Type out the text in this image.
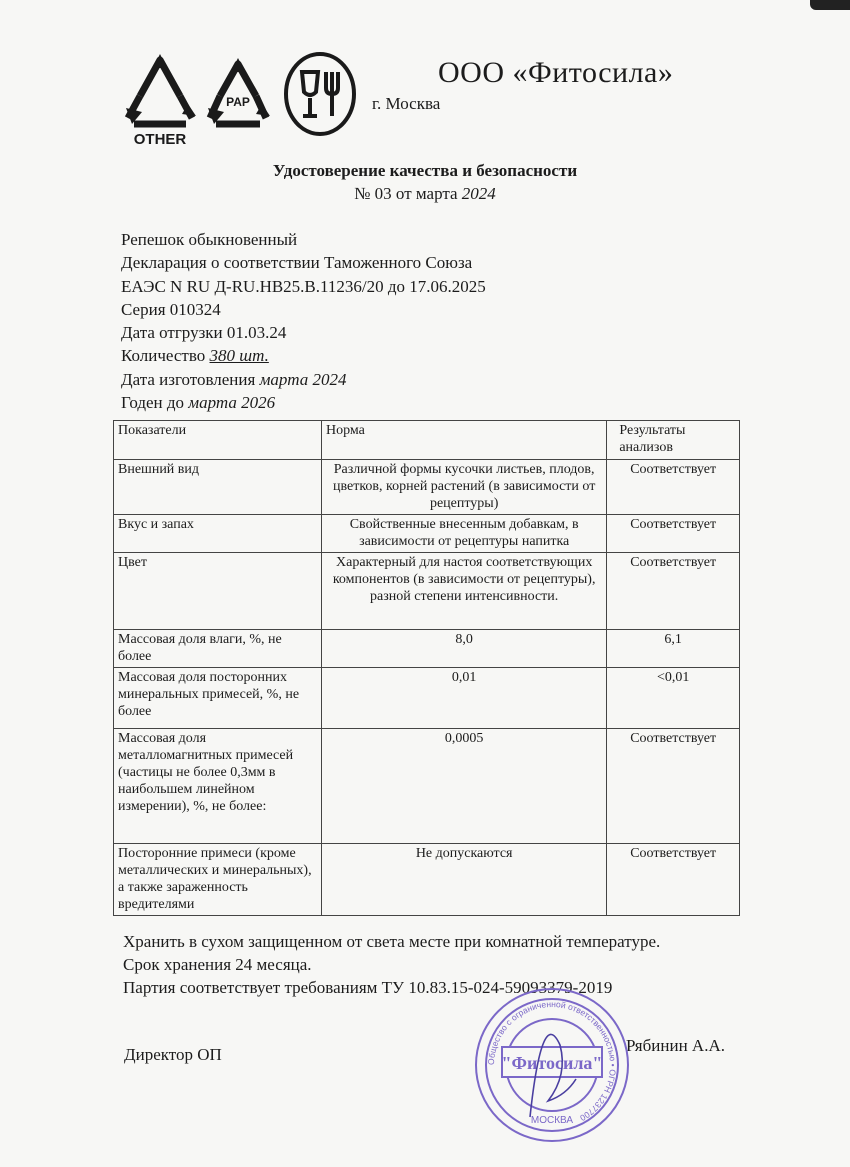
OTHER
PAP
ООО «Фитосила»
г. Москва
Удостоверение качества и безопасности
№ 03 от марта 2024
Репешок обыкновенный
Декларация о соответствии Таможенного Союза
ЕАЭС N RU Д-RU.НВ25.В.11236/20 до 17.06.2025
Серия 010324
Дата отгрузки 01.03.24
Количество 380 шт.
Дата изготовления марта 2024
Годен до марта 2026
Показатели	Норма	Результаты анализов
Внешний вид	Различной формы кусочки листьев, плодов, цветков, корней растений (в зависимости от рецептуры)	Соответствует
Вкус и запах	Свойственные внесенным добавкам, в зависимости от рецептуры напитка	Соответствует
Цвет	Характерный для настоя соответствующих компонентов (в зависимости от рецептуры), разной степени интенсивности.	Соответствует
Массовая доля влаги, %, не более	8,0	6,1
Массовая доля посторонних минеральных примесей, %, не более	0,01	<0,01
Массовая доля металломагнитных примесей (частицы не более 0,3мм в наибольшем линейном измерении), %, не более:	0,0005	Соответствует
Посторонние примеси (кроме металлических и минеральных), а также зараженность вредителями	Не допускаются	Соответствует
Хранить в сухом защищенном от света месте при комнатной температуре.
Срок хранения 24 месяца.
Партия соответствует требованиям ТУ 10.83.15-024-59093379-2019
Директор ОП	Рябинин А.А.
Общество с ограниченной ответственностью • ОГРН 1237700
"Фитосила"
МОСКВА
